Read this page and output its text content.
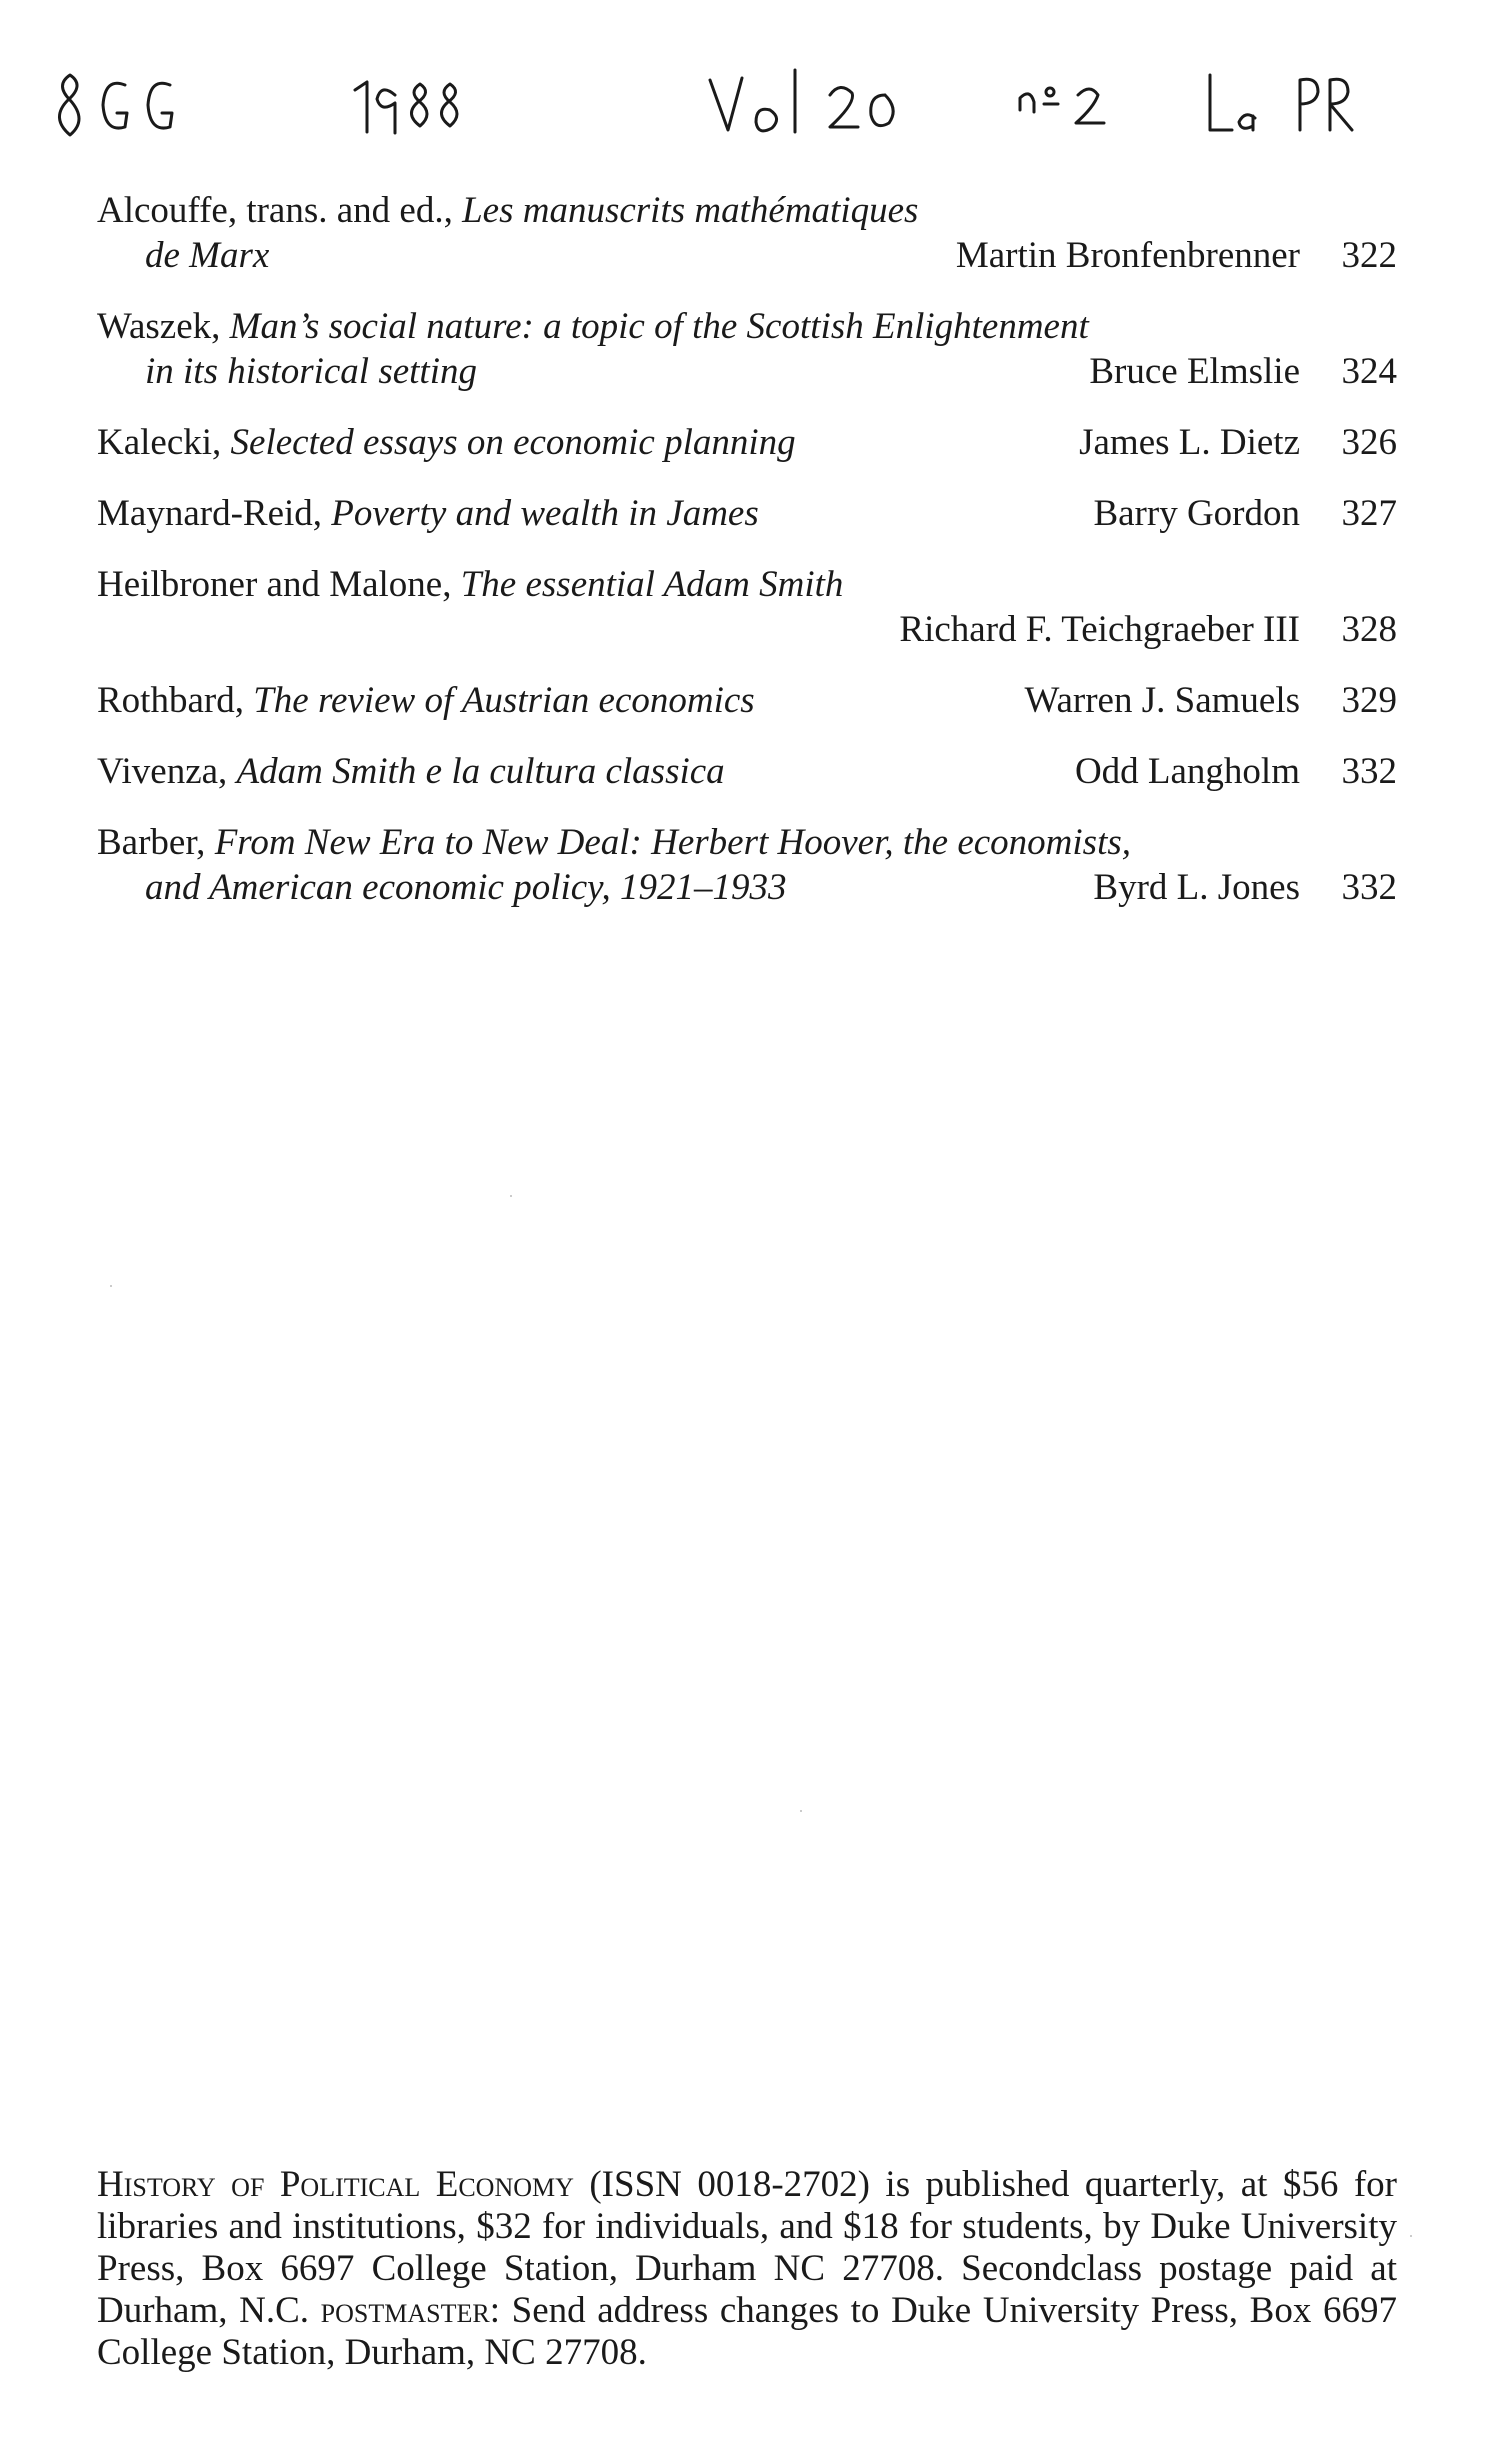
Alcouffe, trans. and ed., Les manuscrits mathématiques
de Marx	Martin Bronfenbrenner 322
Waszek, Man’s social nature: a topic of the Scottish Enlightenment
in its historical setting	Bruce Elmslie 324
Kalecki, Selected essays on economic planning	James L. Dietz 326
Maynard-Reid, Poverty and wealth in James	Barry Gordon 327
Heilbroner and Malone, The essential Adam Smith
Richard F. Teichgraeber III 328
Rothbard, The review of Austrian economics	Warren J. Samuels 329
Vivenza, Adam Smith e la cultura classica	Odd Langholm 332
Barber, From New Era to New Deal: Herbert Hoover, the economists,
and American economic policy, 1921–1933	Byrd L. Jones 332
History of Political Economy (ISSN 0018-2702) is published quarterly, at $56 for libraries and institutions, $32 for individuals, and $18 for students, by Duke University Press, Box 6697 College Station, Durham NC 27708. Secondclass postage paid at Durham, N.C. postmaster: Send address changes to Duke University Press, Box 6697 College Station, Durham, NC 27708.
